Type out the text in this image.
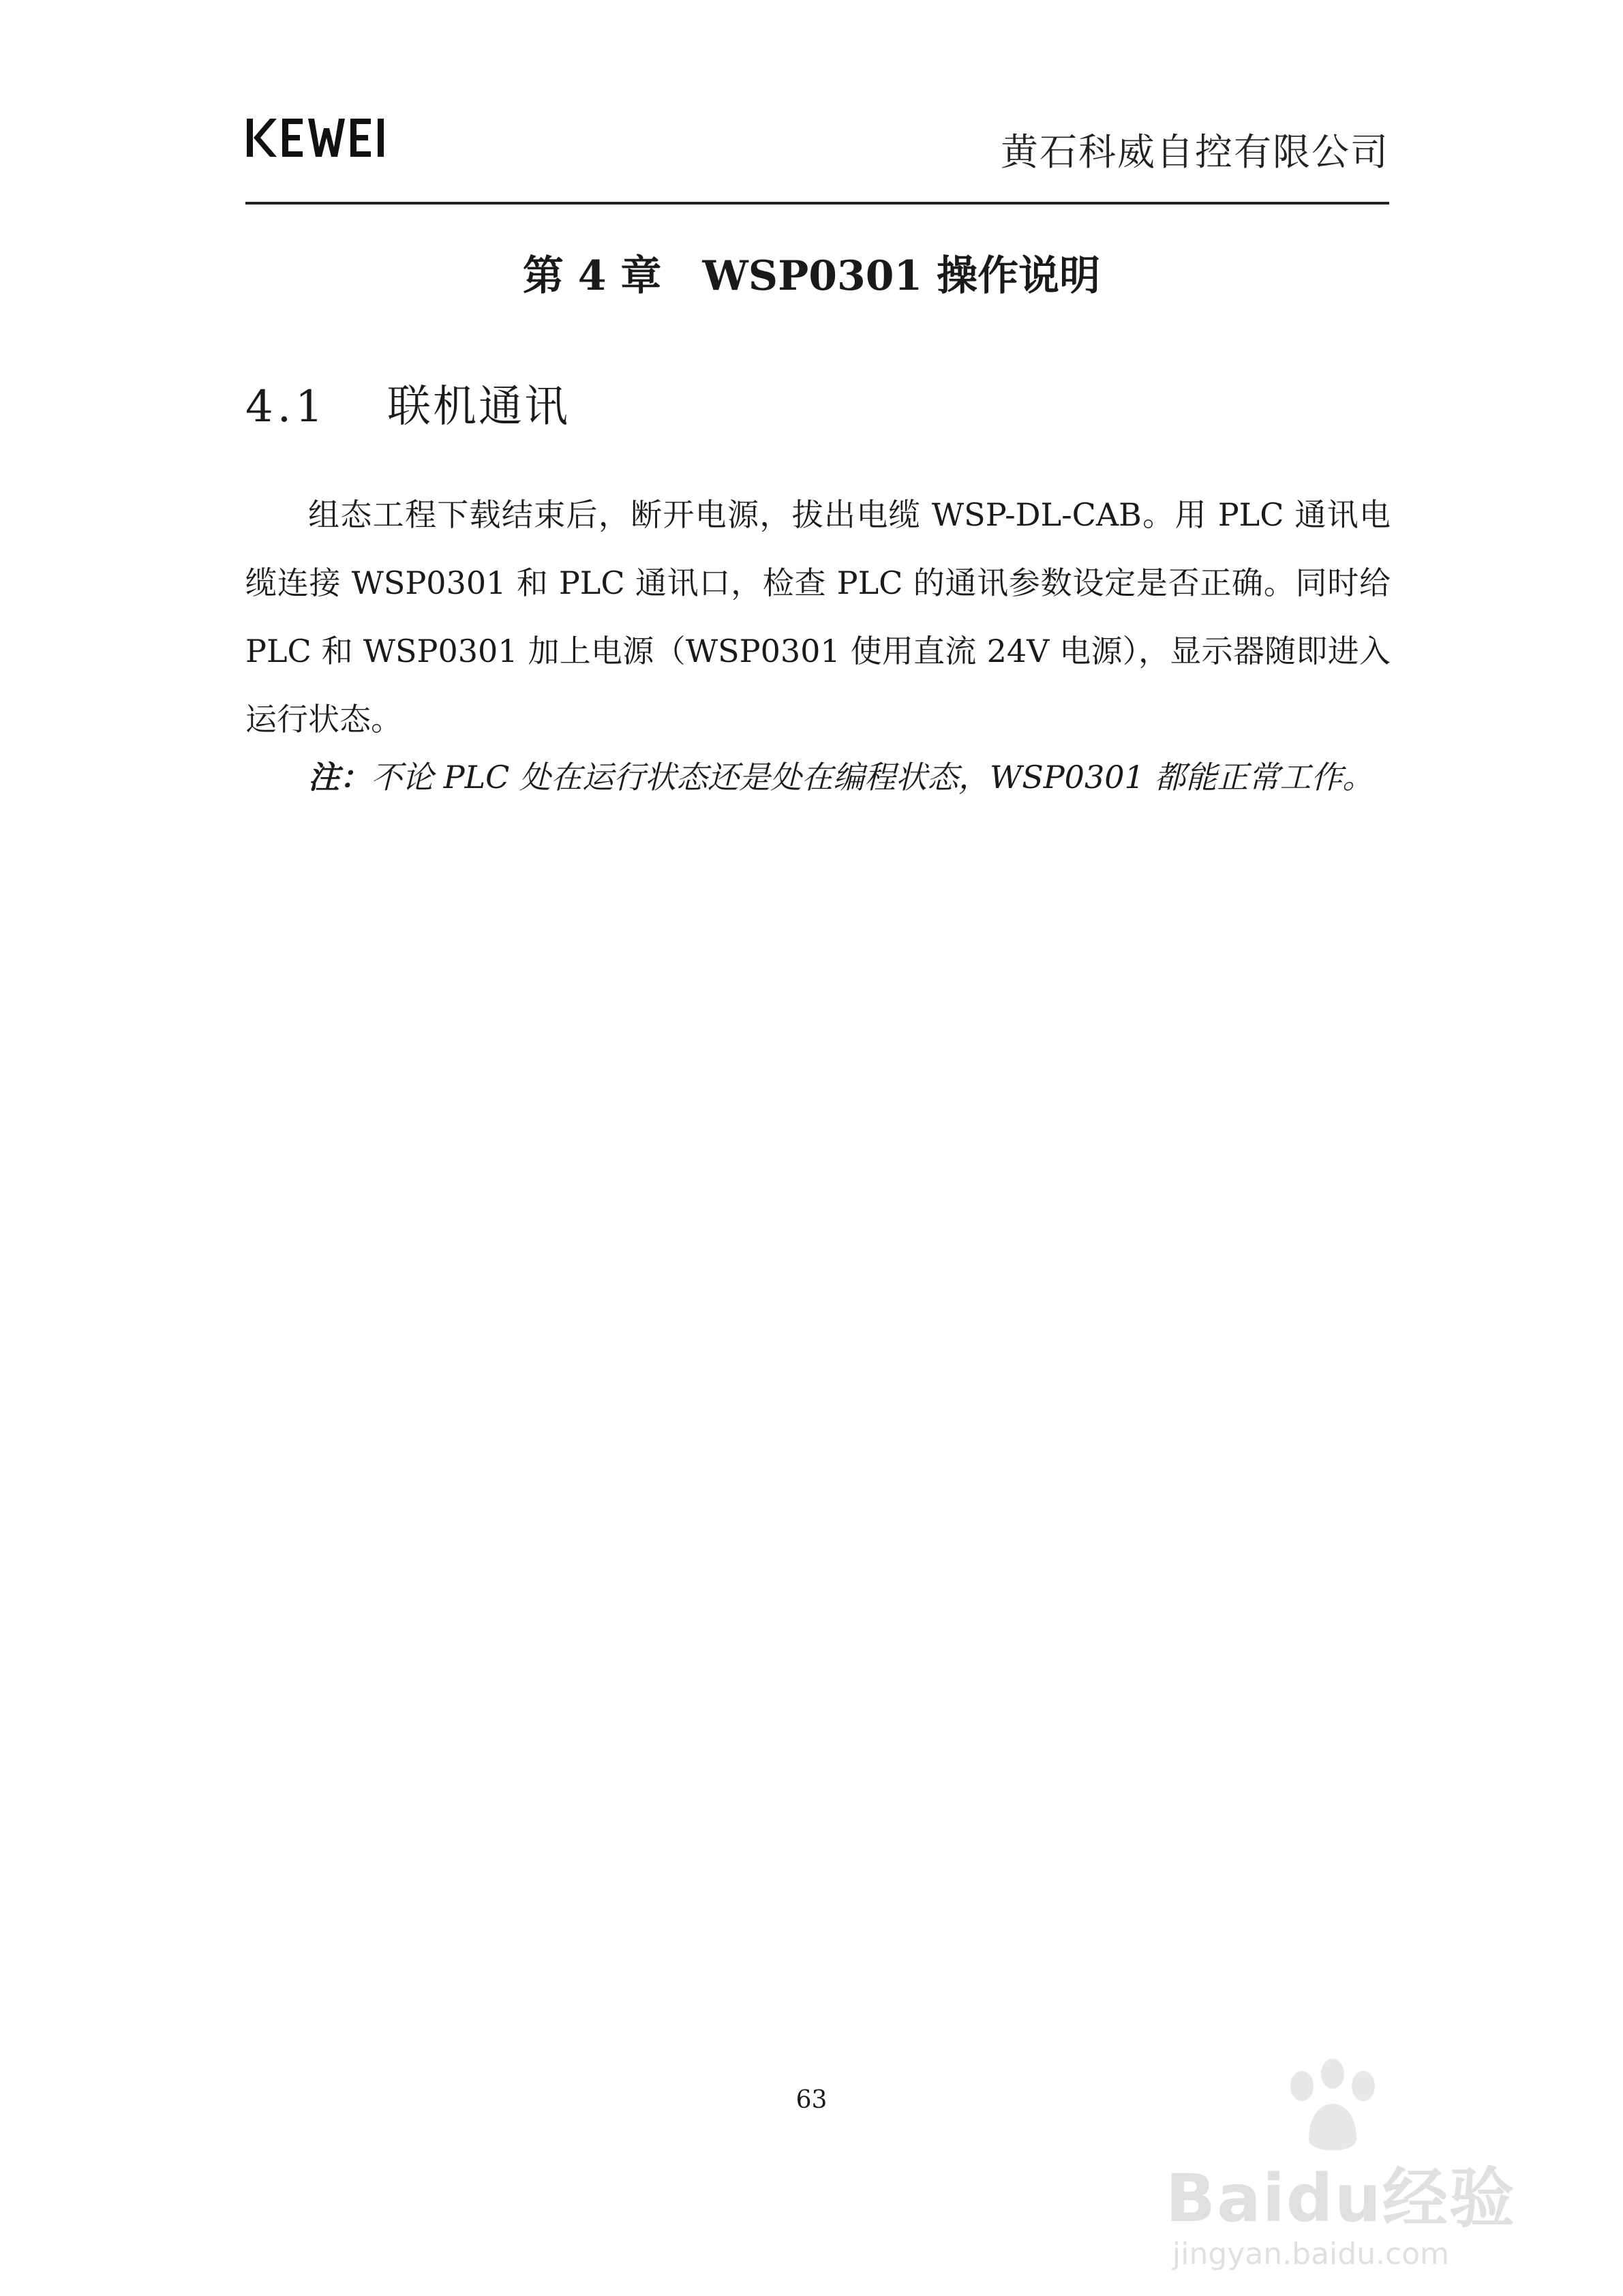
黄石科威自控有限公司
第 4 章 WSP0301 操作说明
4.1 联机通讯
组态工程下载结束后，断开电源，拔出电缆 WSP-DL-CAB。用 PLC 通讯电缆连接 WSP0301 和 PLC 通讯口，检查 PLC 的通讯参数设定是否正确。同时给 PLC 和 WSP0301 加上电源（WSP0301 使用直流 24V 电源），显示器随即进入运行状态。
注：不论 PLC 处在运行状态还是处在编程状态，WSP0301 都能正常工作。
63
Baidu经验
jingyan.baidu.com
